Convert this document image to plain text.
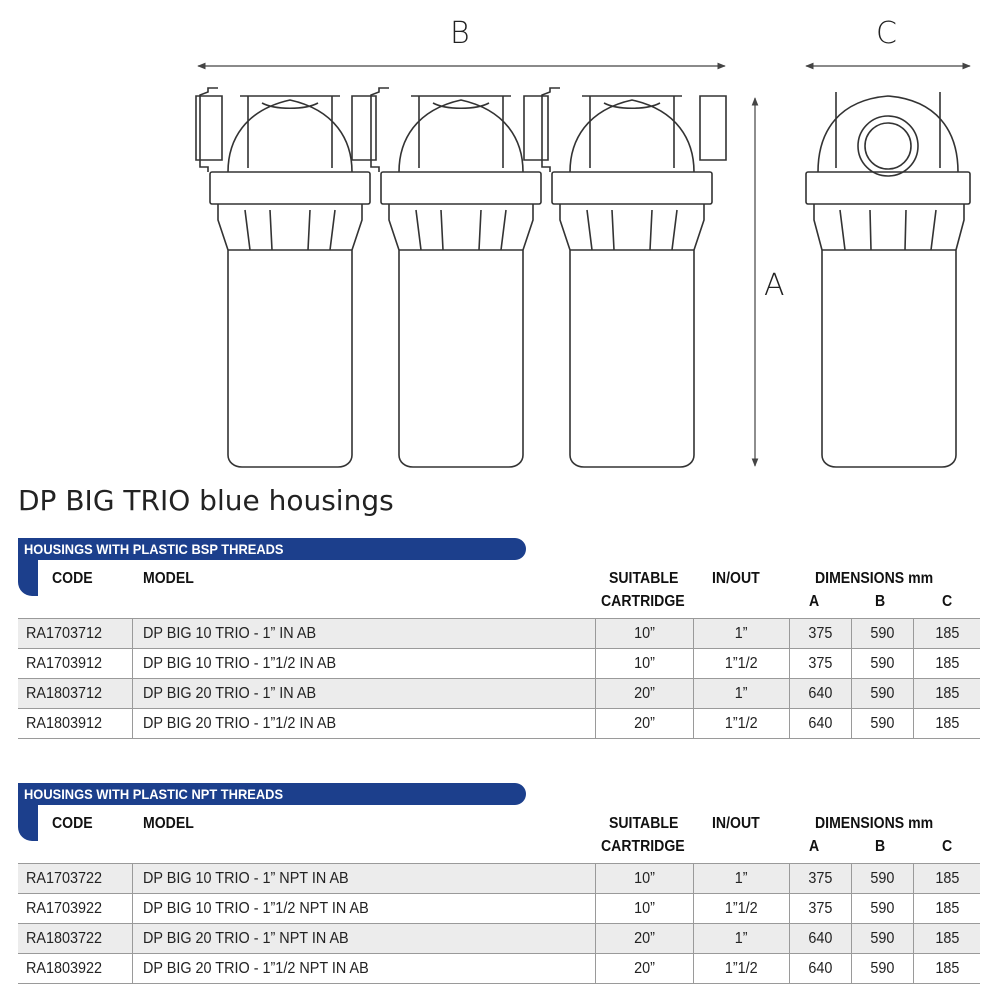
B	C
A
DP BIG TRIO blue housings
HOUSINGS WITH PLASTIC BSP THREADS
CODE	MODEL	SUITABLE
CARTRIDGE
IN/OUT	DIMENSIONS mm
A	B	C
RA1703712	DP BIG 10 TRIO - 1” IN AB	10”	1”	375	590	185
RA1703912	DP BIG 10 TRIO - 1”1/2 IN AB	10”	1”1/2	375	590	185
RA1803712	DP BIG 20 TRIO - 1” IN AB	20”	1”	640	590	185
RA1803912	DP BIG 20 TRIO - 1”1/2 IN AB	20”	1”1/2	640	590	185
HOUSINGS WITH PLASTIC NPT THREADS
CODE	MODEL	SUITABLE
CARTRIDGE
IN/OUT	DIMENSIONS mm
A	B	C
RA1703722	DP BIG 10 TRIO - 1” NPT IN AB	10”	1”	375	590	185
RA1703922	DP BIG 10 TRIO - 1”1/2 NPT IN AB	10”	1”1/2	375	590	185
RA1803722	DP BIG 20 TRIO - 1” NPT IN AB	20”	1”	640	590	185
RA1803922	DP BIG 20 TRIO - 1”1/2 NPT IN AB	20”	1”1/2	640	590	185
